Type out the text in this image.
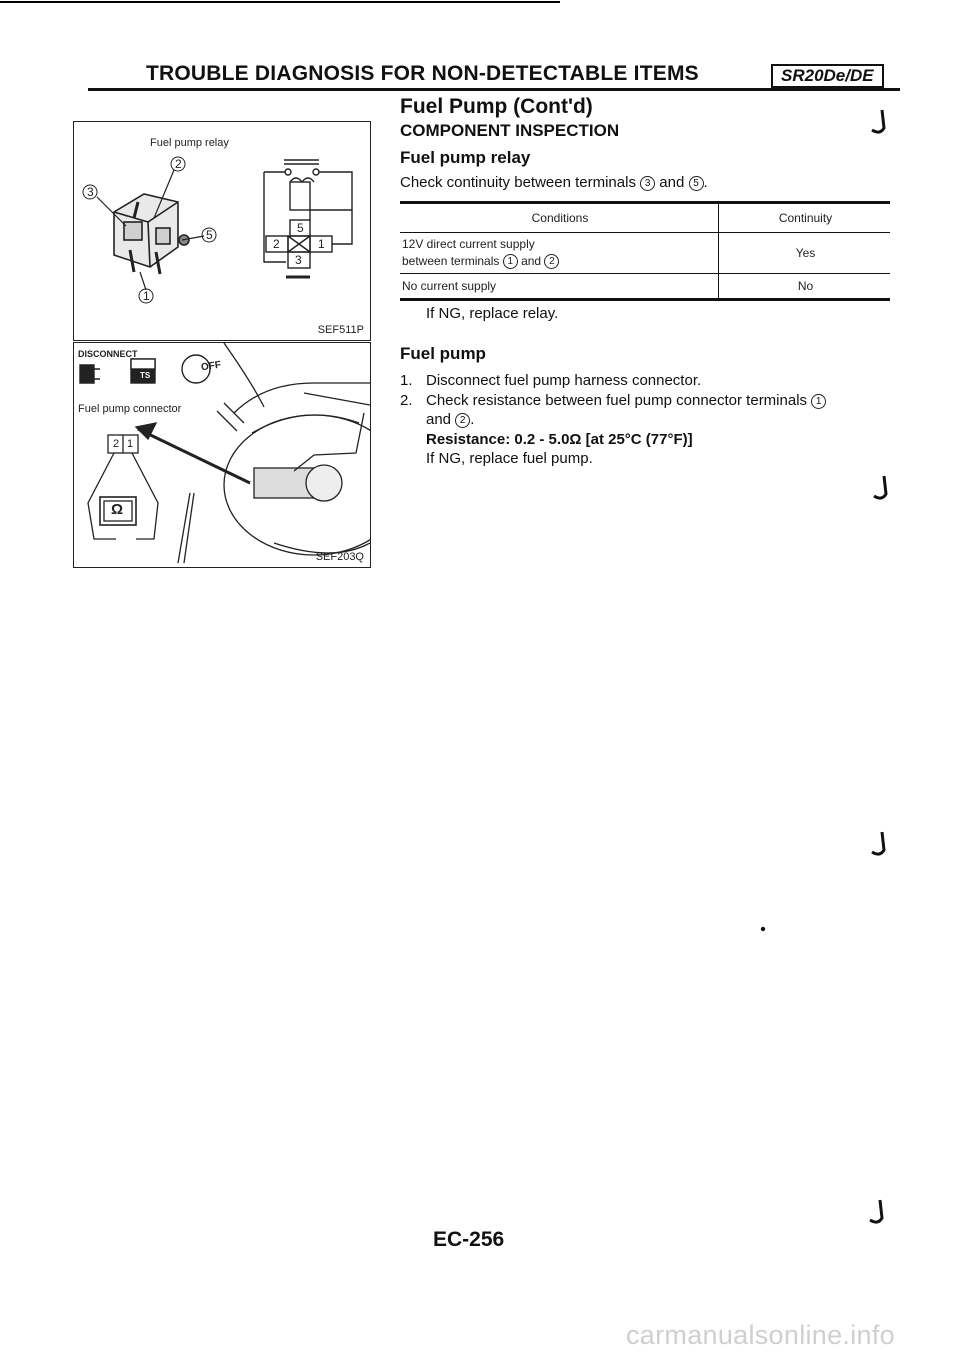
TROUBLE DIAGNOSIS FOR NON-DETECTABLE ITEMS	SR20De/DE
Fuel pump relay
2
3
5
1
5
2	1
3
SEF511P
DISCONNECT
OFF
TS
Fuel pump connector
2 1
Ω
SEF203Q
Fuel Pump (Cont'd)
COMPONENT INSPECTION
Fuel pump relay
Check continuity between terminals 3 and 5 .
Conditions	Continuity

12V direct current supply
between terminals 1 and 2	Yes
No current supply	No
If NG, replace relay.
Fuel pump
1. Disconnect fuel pump harness connector.
2. Check resistance between fuel pump connector terminals 1
and 2 .
Resistance: 0.2 - 5.0Ω [at 25°C (77°F)]
If NG, replace fuel pump.
EC-256
carmanualsonline.info
